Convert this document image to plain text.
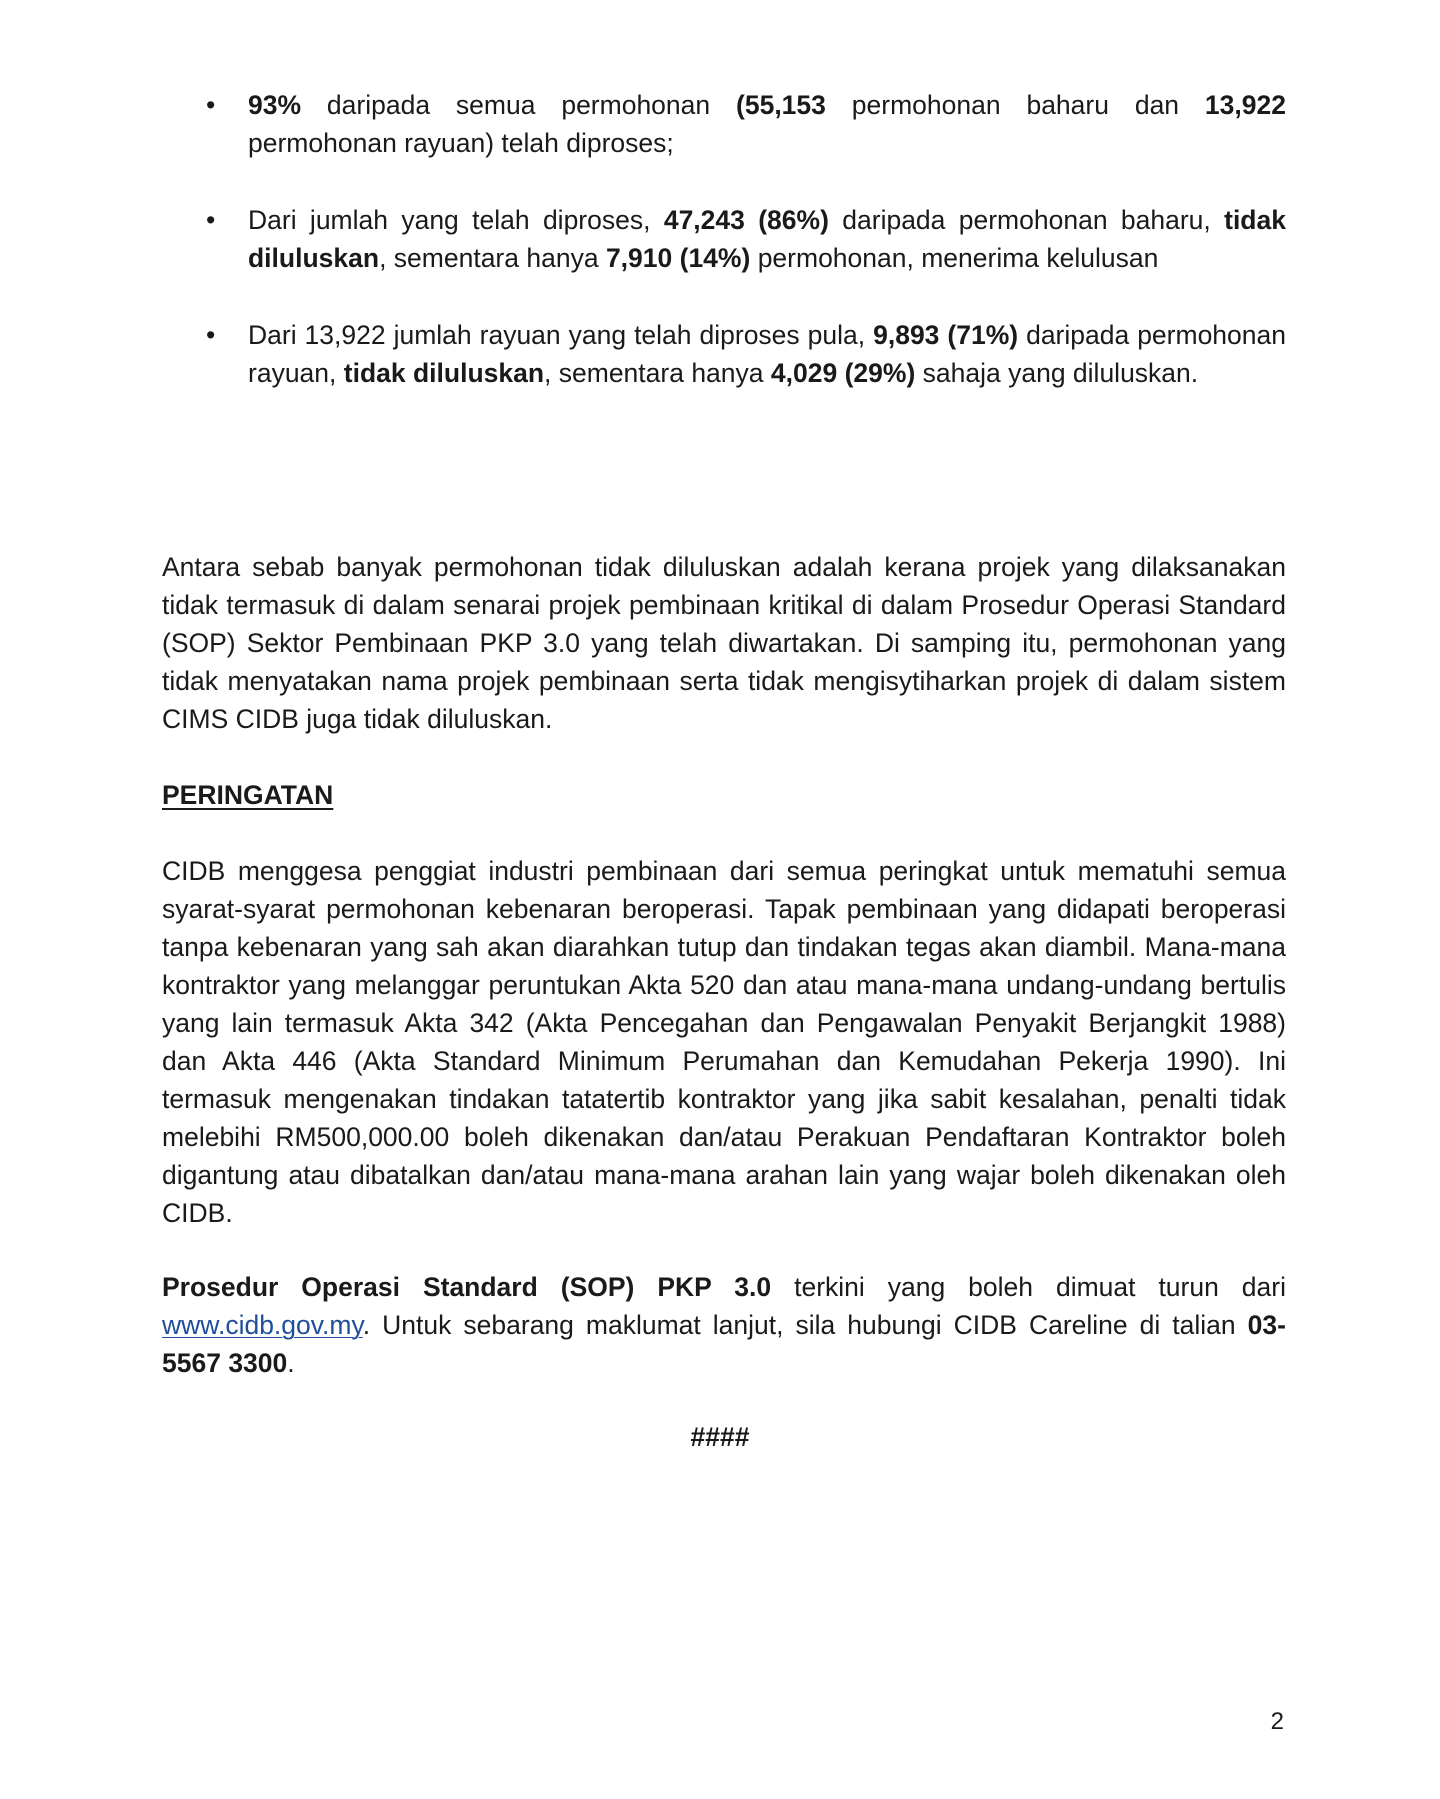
•	93% daripada semua permohonan (55,153 permohonan baharu dan 13,922 permohonan rayuan) telah diproses;
•	Dari jumlah yang telah diproses, 47,243 (86%) daripada permohonan baharu, tidak diluluskan, sementara hanya 7,910 (14%) permohonan, menerima kelulusan
•	Dari 13,922 jumlah rayuan yang telah diproses pula, 9,893 (71%) daripada permohonan rayuan, tidak diluluskan, sementara hanya 4,029 (29%) sahaja yang diluluskan.

Antara sebab banyak permohonan tidak diluluskan adalah kerana projek yang dilaksanakan tidak termasuk di dalam senarai projek pembinaan kritikal di dalam Prosedur Operasi Standard (SOP) Sektor Pembinaan PKP 3.0 yang telah diwartakan. Di samping itu, permohonan yang tidak menyatakan nama projek pembinaan serta tidak mengisytiharkan projek di dalam sistem CIMS CIDB juga tidak diluluskan.

PERINGATAN

CIDB menggesa penggiat industri pembinaan dari semua peringkat untuk mematuhi semua syarat-syarat permohonan kebenaran beroperasi. Tapak pembinaan yang didapati beroperasi tanpa kebenaran yang sah akan diarahkan tutup dan tindakan tegas akan diambil. Mana-mana kontraktor yang melanggar peruntukan Akta 520 dan atau mana-mana undang-undang bertulis yang lain termasuk Akta 342 (Akta Pencegahan dan Pengawalan Penyakit Berjangkit 1988) dan Akta 446 (Akta Standard Minimum Perumahan dan Kemudahan Pekerja 1990). Ini termasuk mengenakan tindakan tatatertib kontraktor yang jika sabit kesalahan, penalti tidak melebihi RM500,000.00 boleh dikenakan dan/atau Perakuan Pendaftaran Kontraktor boleh digantung atau dibatalkan dan/atau mana-mana arahan lain yang wajar boleh dikenakan oleh CIDB.

Prosedur Operasi Standard (SOP) PKP 3.0 terkini yang boleh dimuat turun dari www.cidb.gov.my. Untuk sebarang maklumat lanjut, sila hubungi CIDB Careline di talian 03-5567 3300.

####
2
